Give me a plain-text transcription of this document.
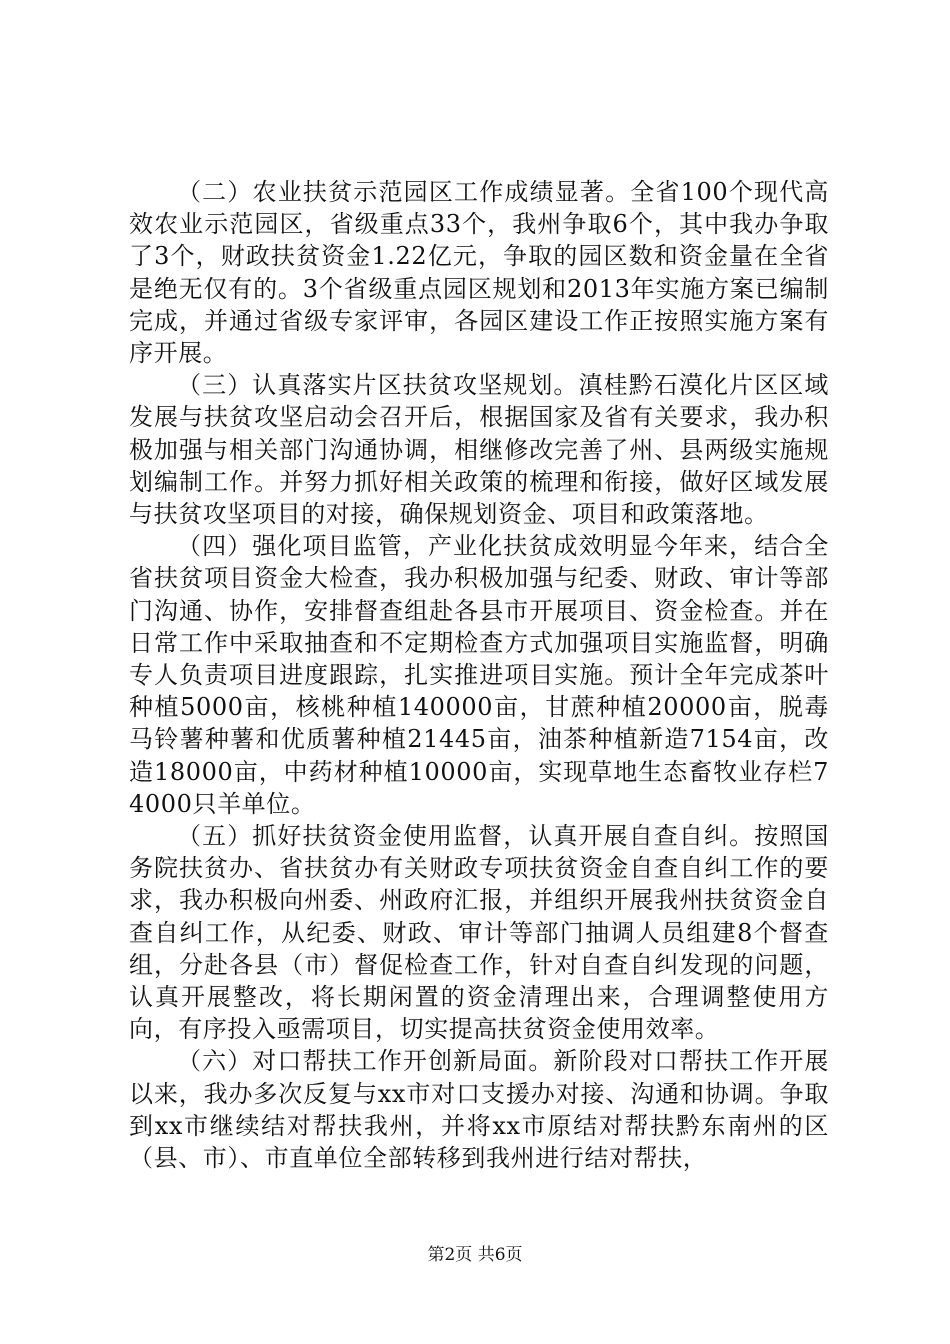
（二）农业扶贫示范园区工作成绩显著。全省100个现代高效农业示范园区，省级重点33个，我州争取6个，其中我办争取了3个，财政扶贫资金1.22亿元，争取的园区数和资金量在全省是绝无仅有的。3个省级重点园区规划和2013年实施方案已编制完成，并通过省级专家评审，各园区建设工作正按照实施方案有序开展。

（三）认真落实片区扶贫攻坚规划。滇桂黔石漠化片区区域发展与扶贫攻坚启动会召开后，根据国家及省有关要求，我办积极加强与相关部门沟通协调，相继修改完善了州、县两级实施规划编制工作。并努力抓好相关政策的梳理和衔接，做好区域发展与扶贫攻坚项目的对接，确保规划资金、项目和政策落地。

（四）强化项目监管，产业化扶贫成效明显今年来，结合全省扶贫项目资金大检查，我办积极加强与纪委、财政、审计等部门沟通、协作，安排督查组赴各县市开展项目、资金检查。并在日常工作中采取抽查和不定期检查方式加强项目实施监督，明确专人负责项目进度跟踪，扎实推进项目实施。预计全年完成茶叶种植5000亩，核桃种植140000亩，甘蔗种植20000亩，脱毒马铃薯种薯和优质薯种植21445亩，油茶种植新造7154亩，改造18000亩，中药材种植10000亩，实现草地生态畜牧业存栏74000只羊单位。

（五）抓好扶贫资金使用监督，认真开展自查自纠。按照国务院扶贫办、省扶贫办有关财政专项扶贫资金自查自纠工作的要求，我办积极向州委、州政府汇报，并组织开展我州扶贫资金自查自纠工作，从纪委、财政、审计等部门抽调人员组建8个督查组，分赴各县（市）督促检查工作，针对自查自纠发现的问题，认真开展整改，将长期闲置的资金清理出来，合理调整使用方向，有序投入亟需项目，切实提高扶贫资金使用效率。

（六）对口帮扶工作开创新局面。新阶段对口帮扶工作开展以来，我办多次反复与xx市对口支援办对接、沟通和协调。争取到xx市继续结对帮扶我州，并将xx市原结对帮扶黔东南州的区（县、市）、市直单位全部转移到我州进行结对帮扶，

第2页 共6页
